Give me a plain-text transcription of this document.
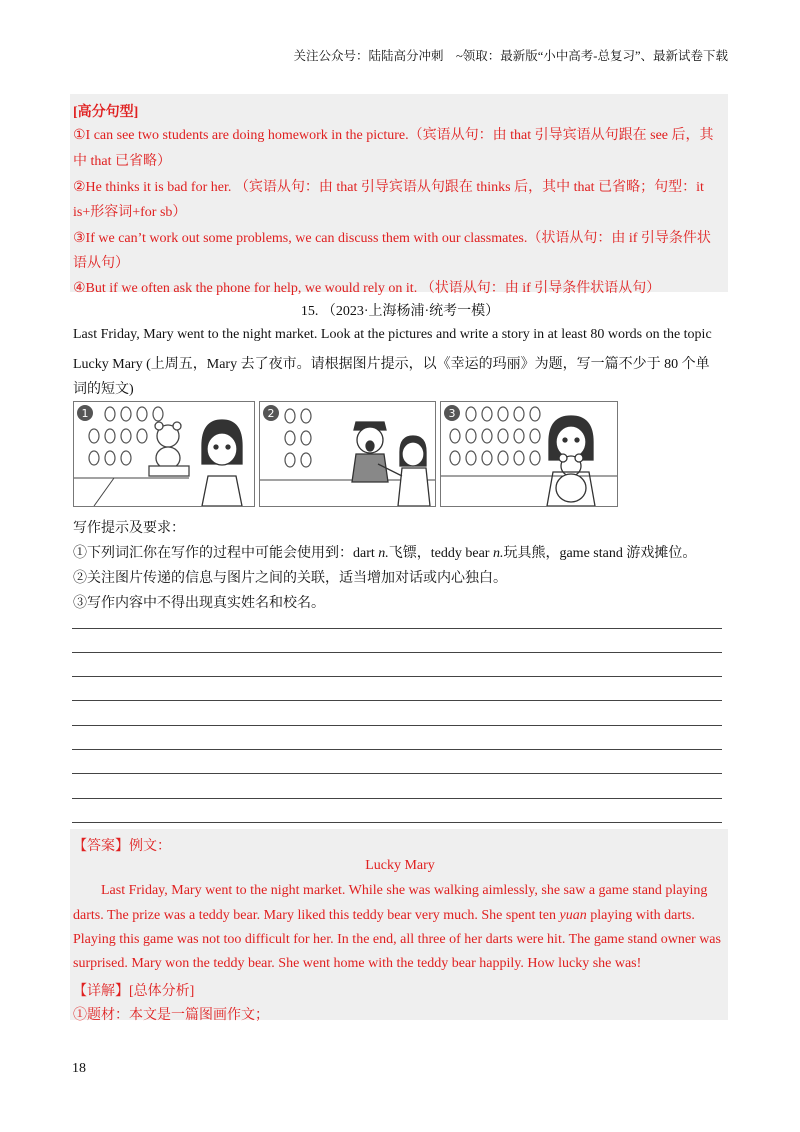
关注公众号：陆陆高分冲刺　~领取：最新版“小中高考-总复习”、最新试卷下载
[高分句型]
①I can see two students are doing homework in the picture.（宾语从句：由 that 引导宾语从句跟在 see 后，其
中 that 已省略）
②He thinks it is bad for her. （宾语从句：由 that 引导宾语从句跟在 thinks 后，其中 that 已省略；句型：it
is+形容词+for sb）
③If we can’t work out some problems, we can discuss them with our classmates.（状语从句：由 if 引导条件状
语从句）
④But if we often ask the phone for help, we would rely on it. （状语从句：由 if 引导条件状语从句）
15. （2023·上海杨浦·统考一模）
Last Friday, Mary went to the night market. Look at the pictures and write a story in at least 80 words on the topic
Lucky Mary (上周五，Mary 去了夜市。请根据图片提示，以《幸运的玛丽》为题，写一篇不少于 80 个单
词的短文)
1	2	3
写作提示及要求：
①下列词汇你在写作的过程中可能会使用到：dart n.飞镖，teddy bear n.玩具熊，game stand 游戏摊位。
②关注图片传递的信息与图片之间的关联，适当增加对话或内心独白。
③写作内容中不得出现真实姓名和校名。
【答案】例文：
Lucky Mary
Last Friday, Mary went to the night market. While she was walking aimlessly, she saw a game stand playing
darts. The prize was a teddy bear. Mary liked this teddy bear very much. She spent ten yuan playing with darts.
Playing this game was not too difficult for her. In the end, all three of her darts were hit. The game stand owner was
surprised. Mary won the teddy bear. She went home with the teddy bear happily. How lucky she was!
【详解】[总体分析]
①题材：本文是一篇图画作文；
18
